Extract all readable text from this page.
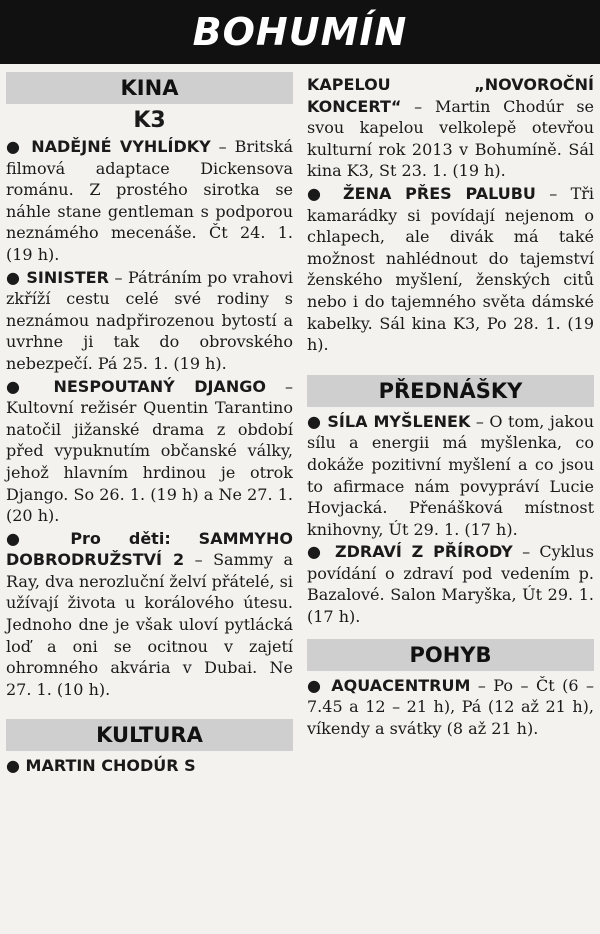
BOHUMÍN
KINA
K3

● NADĚJNÉ VYHLÍDKY – Britská filmová adaptace Dickensova románu. Z prostého sirotka se náhle stane gentleman s podporou neznámého mecenáše. Čt 24. 1. (19 h).

● SINISTER – Pátráním po vrahovi zkříží cestu celé své rodiny s neznámou nadpřirozenou bytostí a uvrhne ji tak do obrovského nebezpečí. Pá 25. 1. (19 h).

● NESPOUTANÝ DJANGO – Kultovní režisér Quentin Tarantino natočil jižanské drama z období před vypuknutím občanské války, jehož hlavním hrdinou je otrok Django. So 26. 1. (19 h) a Ne 27. 1. (20 h).

● Pro děti: SAMMYHO DOBRODRUŽSTVÍ 2 – Sammy a Ray, dva nerozluční želví přátelé, si užívají života u korálového útesu. Jednoho dne je však uloví pytlácká loď a oni se ocitnou v zajetí ohromného akvária v Dubai. Ne 27. 1. (10 h).

KULTURA

● MARTIN CHODÚR S

KAPELOU „NOVOROČNÍ KONCERT“ – Martin Chodúr se svou kapelou velkolepě otevřou kulturní rok 2013 v Bohumíně. Sál kina K3, St 23. 1. (19 h).

● ŽENA PŘES PALUBU – Tři kamarádky si povídají nejenom o chlapech, ale divák má také možnost nahlédnout do tajemství ženského myšlení, ženských citů nebo i do tajemného světa dámské kabelky. Sál kina K3, Po 28. 1. (19 h).

PŘEDNÁŠKY

● SÍLA MYŠLENEK – O tom, jakou sílu a energii má myšlenka, co dokáže pozitivní myšlení a co jsou to afirmace nám povypráví Lucie Hovjacká. Přenášková místnost knihovny, Út 29. 1. (17 h).

● ZDRAVÍ Z PŘÍRODY – Cyklus povídání o zdraví pod vedením p. Bazalové. Salon Maryška, Út 29. 1. (17 h).

POHYB

● AQUACENTRUM – Po – Čt (6 – 7.45 a 12 – 21 h), Pá (12 až 21 h), víkendy a svátky (8 až 21 h).
